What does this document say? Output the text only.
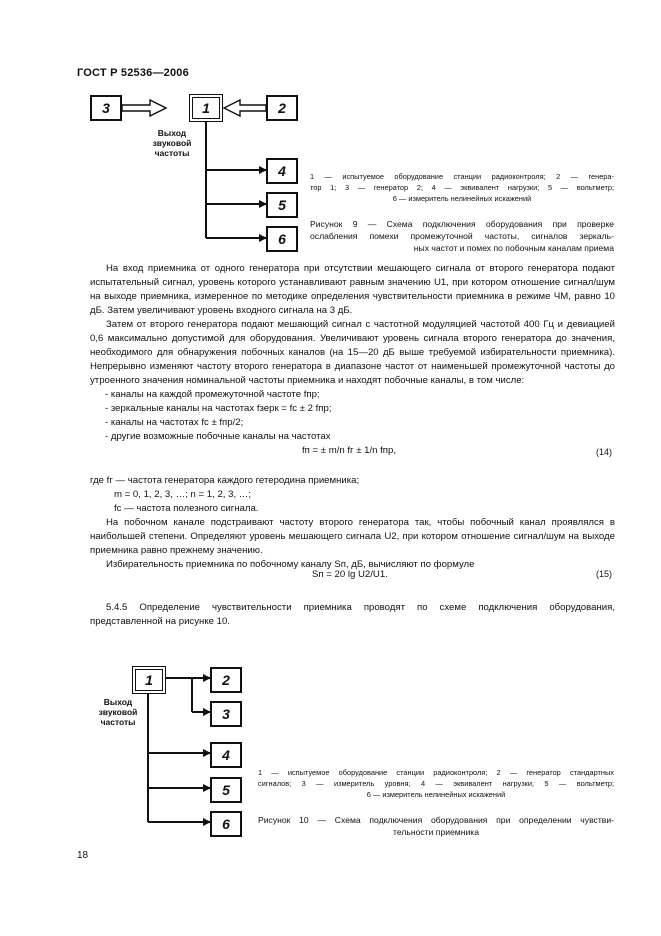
ГОСТ Р 52536—2006
3	1	2
4
5
6
Выход
звуковой
частоты
1 — испытуемое оборудование станции радиоконтроля; 2 — генера-
тор 1; 3 — генератор 2; 4 — эквивалент нагрузки; 5 — вольтметр;
6 — измеритель нелинейных искажений
Рисунок 9 — Схема подключения оборудования при проверке
ослабления помехи промежуточной частоты, сигналов зеркаль-
ных частот и помех по побочным каналам приема

На вход приемника от одного генератора при отсутствии мешающего сигнала от второго генератора подают испытательный сигнал, уровень которого устанавливают равным значению U1, при котором отношение сигнал/шум на выходе приемника, измеренное по методике определения чувствительности приемника в режиме ЧМ, равно 10 дБ. Затем увеличивают уровень входного сигнала на 3 дБ.

Затем от второго генератора подают мешающий сигнал с частотной модуляцией частотой 400 Гц и девиацией 0,6 максимально допустимой для оборудования. Увеличивают уровень сигнала второго генератора до значения, необходимого для обнаружения побочных каналов (на 15—20 дБ выше требуемой избирательности приемника). Непрерывно изменяют частоту второго генератора в диапазоне частот от наименьшей промежуточной частоты до утроенного значения номинальной частоты приемника и находят побочные каналы, в том числе:

- каналы на каждой промежуточной частоте fпр;

- зеркальные каналы на частотах fзерк = fс ± 2 fпр;

- каналы на частотах fс ± fпр/2;

- другие возможные побочные каналы на частотах

fп = ± m/n fг ± 1/n fпр,	(14)

где fг — частота генератора каждого гетеродина приемника;

m = 0, 1, 2, 3, …; n = 1, 2, 3, …;

fс — частота полезного сигнала.

На побочном канале подстраивают частоту второго генератора так, чтобы побочный канал проявлялся в наибольшей степени. Определяют уровень мешающего сигнала U2, при котором отношение сигнал/шум на выходе приемника равно прежнему значению.

Избирательность приемника по побочному каналу Sп, дБ, вычисляют по формуле

Sп = 20 lg U2/U1.	(15)

5.4.5 Определение чувствительности приемника проводят по схеме подключения оборудования, представленной на рисунке 10.

1	2
3
4
5
6
Выход
звуковой
частоты
1 — испытуемое оборудование станции радиоконтроля; 2 — генератор стандартных
сигналов; 3 — измеритель уровня; 4 — эквивалент нагрузки; 5 — вольтметр;
6 — измеритель нелинейных искажений
Рисунок 10 — Схема подключения оборудования при определении чувстви-
тельности приемника
18
